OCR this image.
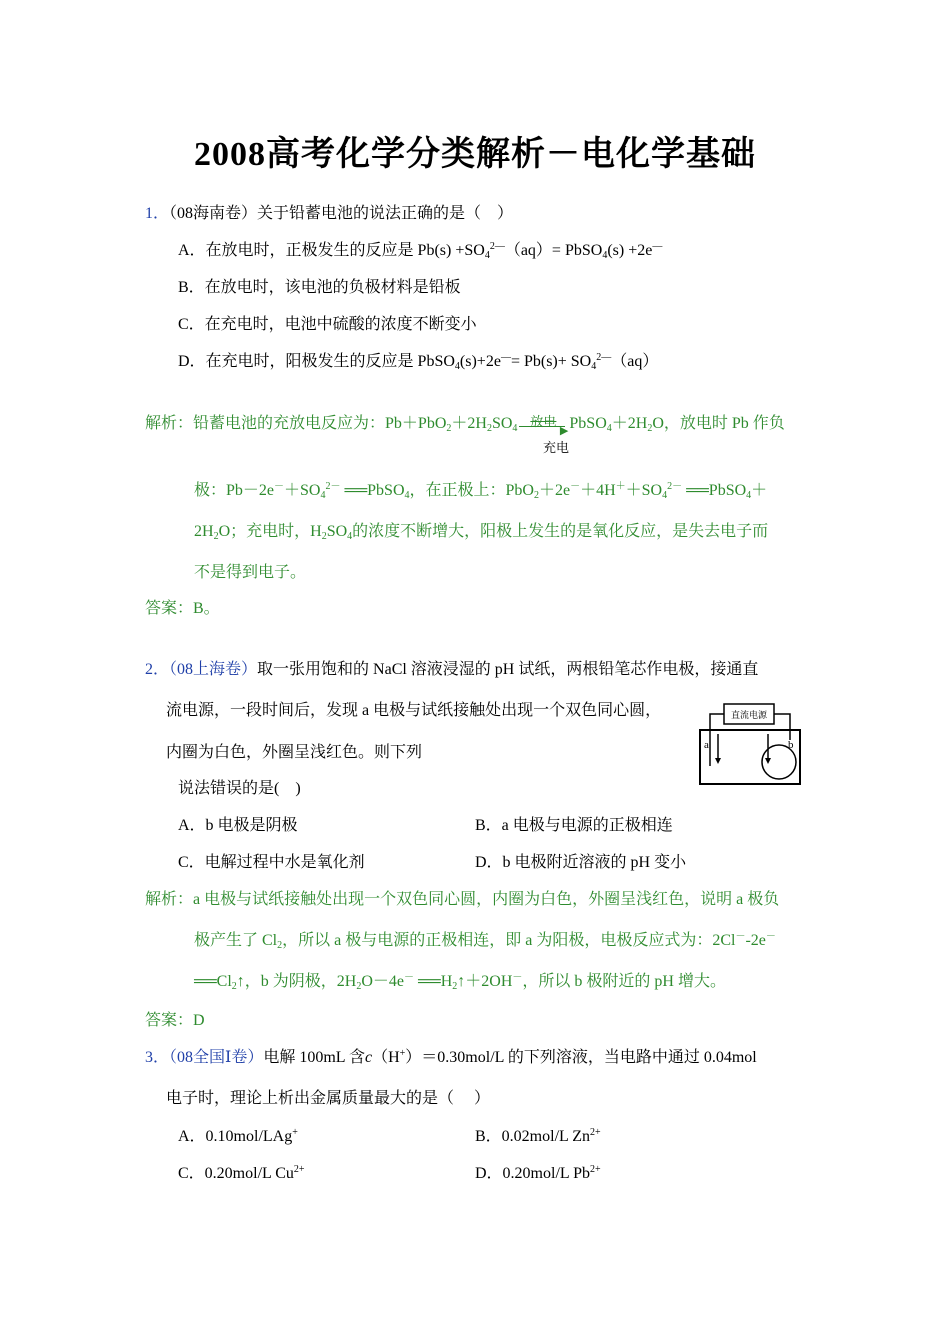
2008高考化学分类解析－电化学基础
1．（08海南卷）关于铅蓄电池的说法正确的是（　）
A．在放电时，正极发生的反应是 $Pb(s) +SO_4^{2—}(aq)=$ PbSO$_4$(s) +2e—
B．在放电时，该电池的负极材料是铅板
C．在充电时，电池中硫酸的浓度不断变小
D．在充电时，阳极发生的反应是 PbSO$_4$(s)+2e—= $Pb(s)+ SO_4^{2—}(aq)$
解析：铅蓄电池的充放电反应为：$Pb+PbO_2+2H_2SO_4$ 放电
▶ $PbSO_4+2H_2O$，放电时 Pb 作负
充电
极：$Pb-2e^-+SO_4^{2-}$ ══PbSO$_4$，在正极上：$PbO_2+2e^-+4H^++SO_4^{2-}$ ══PbSO$_4$＋
$2H_2O$；充电时，$H_2SO_4$的浓度不断增大，阳极上发生的是氧化反应，是失去电子而
不是得到电子。
答案：B。
2．（08上海卷）取一张用饱和的 NaCl 溶液浸湿的 pH 试纸，两根铅笔芯作电极，接通直
流电源，一段时间后，发现 a 电极与试纸接触处出现一个双色同心圆，
内圈为白色，外圈呈浅红色。则下列
说法错误的是(　)
直流电源
a	b
A．b 电极是阴极	B．a 电极与电源的正极相连
C．电解过程中水是氧化剂	D．b 电极附近溶液的 pH 变小
解析：a 电极与试纸接触处出现一个双色同心圆，内圈为白色，外圈呈浅红色，说明 a 极负
极产生了 $Cl_2$，所以 a 极与电源的正极相连，即 a 为阳极，电极反应式为：2Cl－-2e－
$══Cl_2↑$，b 为阴极，$2H_2O-4e^-$ $══H_2↑+2OH^-$，所以 b 极附近的 pH 增大。
答案：D
3．（08全国Ⅰ卷）电解 100mL 含c（H+）＝0.30mol/L 的下列溶液，当电路中通过 0.04mol
电子时，理论上析出金属质量最大的是（　 ）
A．0.10mol/LAg+	B．0.02mol/L $Zn^{2+}$
C．0.20mol/L $Cu^{2+}$	D．0.20mol/L $Pb^{2+}$
